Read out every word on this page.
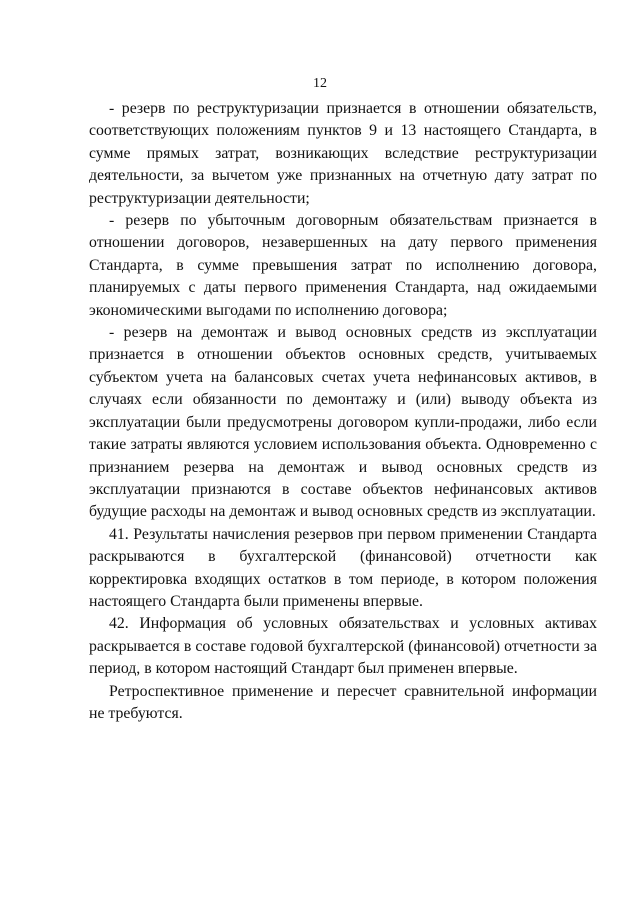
12

- резерв по реструктуризации признается в отношении обязательств, соответствующих положениям пунктов 9 и 13 настоящего Стандарта, в сумме прямых затрат, возникающих вследствие реструктуризации деятельности, за вычетом уже признанных на отчетную дату затрат по реструктуризации деятельности;

- резерв по убыточным договорным обязательствам признается в отношении договоров, незавершенных на дату первого применения Стандарта, в сумме превышения затрат по исполнению договора, планируемых с даты первого применения Стандарта, над ожидаемыми экономическими выгодами по исполнению договора;

- резерв на демонтаж и вывод основных средств из эксплуатации признается в отношении объектов основных средств, учитываемых субъектом учета на балансовых счетах учета нефинансовых активов, в случаях если обязанности по демонтажу и (или) выводу объекта из эксплуатации были предусмотрены договором купли-продажи, либо если такие затраты являются условием использования объекта. Одновременно с признанием резерва на демонтаж и вывод основных средств из эксплуатации признаются в составе объектов нефинансовых активов будущие расходы на демонтаж и вывод основных средств из эксплуатации.

41. Результаты начисления резервов при первом применении Стандарта раскрываются в бухгалтерской (финансовой) отчетности как корректировка входящих остатков в том периоде, в котором положения настоящего Стандарта были применены впервые.

42. Информация об условных обязательствах и условных активах раскрывается в составе годовой бухгалтерской (финансовой) отчетности за период, в котором настоящий Стандарт был применен впервые.

Ретроспективное применение и пересчет сравнительной информации не требуются.
